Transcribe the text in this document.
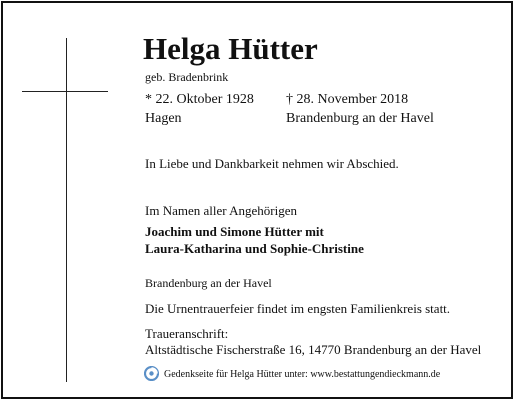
Helga Hütter
geb. Bradenbrink
* 22. Oktober 1928 † 28. November 2018
Hagen	Brandenburg an der Havel
In Liebe und Dankbarkeit nehmen wir Abschied.
Im Namen aller Angehörigen
Joachim und Simone Hütter mit
Laura-Katharina und Sophie-Christine
Brandenburg an der Havel
Die Urnentrauerfeier findet im engsten Familienkreis statt.
Traueranschrift:
Altstädtische Fischerstraße 16, 14770 Brandenburg an der Havel
Gedenkseite für Helga Hütter unter: www.bestattungendieckmann.de
